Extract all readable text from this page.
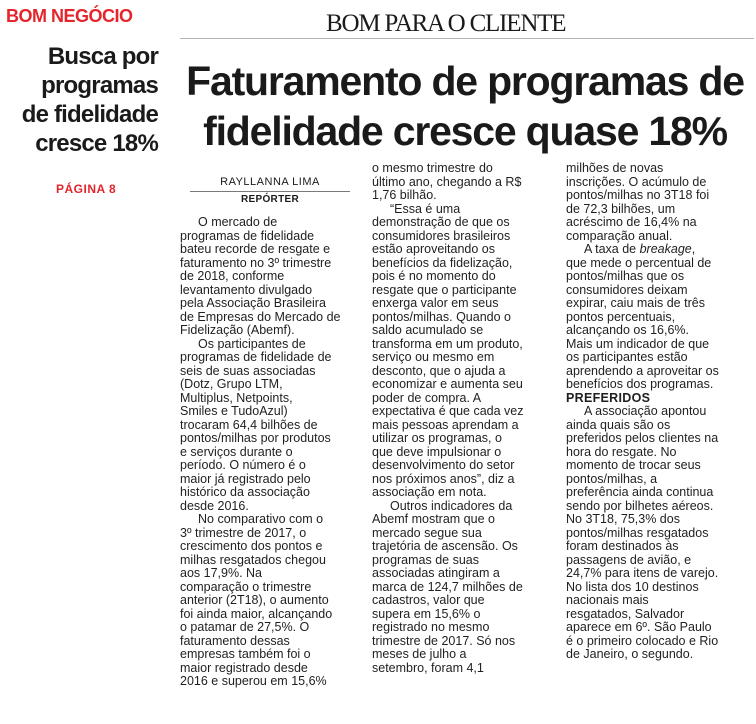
BOM NEGÓCIO
Busca por
programas
de fidelidade
cresce 18%
PÁGINA 8
BOM PARA O CLIENTE
Faturamento de programas de
fidelidade cresce quase 18%
RAYLLANNA LIMA
REPÓRTER

O mercado de
programas de fidelidade
bateu recorde de resgate e
faturamento no 3º trimestre
de 2018, conforme
levantamento divulgado
pela Associação Brasileira
de Empresas do Mercado de
Fidelização (Abemf).

Os participantes de
programas de fidelidade de
seis de suas associadas
(Dotz, Grupo LTM,
Multiplus, Netpoints,
Smiles e TudoAzul)
trocaram 64,4 bilhões de
pontos/milhas por produtos
e serviços durante o
período. O número é o
maior já registrado pelo
histórico da associação
desde 2016.

No comparativo com o
3º trimestre de 2017, o
crescimento dos pontos e
milhas resgatados chegou
aos 17,9%. Na
comparação o trimestre
anterior (2T18), o aumento
foi ainda maior, alcançando
o patamar de 27,5%. O
faturamento dessas
empresas também foi o
maior registrado desde
2016 e superou em 15,6%

o mesmo trimestre do
último ano, chegando a R$
1,76 bilhão.

“Essa é uma
demonstração de que os
consumidores brasileiros
estão aproveitando os
benefícios da fidelização,
pois é no momento do
resgate que o participante
enxerga valor em seus
pontos/milhas. Quando o
saldo acumulado se
transforma em um produto,
serviço ou mesmo em
desconto, que o ajuda a
economizar e aumenta seu
poder de compra. A
expectativa é que cada vez
mais pessoas aprendam a
utilizar os programas, o
que deve impulsionar o
desenvolvimento do setor
nos próximos anos”, diz a
associação em nota.

Outros indicadores da
Abemf mostram que o
mercado segue sua
trajetória de ascensão. Os
programas de suas
associadas atingiram a
marca de 124,7 milhões de
cadastros, valor que
supera em 15,6% o
registrado no mesmo
trimestre de 2017. Só nos
meses de julho a
setembro, foram 4,1

milhões de novas
inscrições. O acúmulo de
pontos/milhas no 3T18 foi
de 72,3 bilhões, um
acréscimo de 16,4% na
comparação anual.

A taxa de breakage,
que mede o percentual de
pontos/milhas que os
consumidores deixam
expirar, caiu mais de três
pontos percentuais,
alcançando os 16,6%.
Mais um indicador de que
os participantes estão
aprendendo a aproveitar os
benefícios dos programas.

PREFERIDOS

A associação apontou
ainda quais são os
preferidos pelos clientes na
hora do resgate. No
momento de trocar seus
pontos/milhas, a
preferência ainda continua
sendo por bilhetes aéreos.
No 3T18, 75,3% dos
pontos/milhas resgatados
foram destinados às
passagens de avião, e
24,7% para itens de varejo.
No lista dos 10 destinos
nacionais mais
resgatados, Salvador
aparece em 6º. São Paulo
é o primeiro colocado e Rio
de Janeiro, o segundo.
